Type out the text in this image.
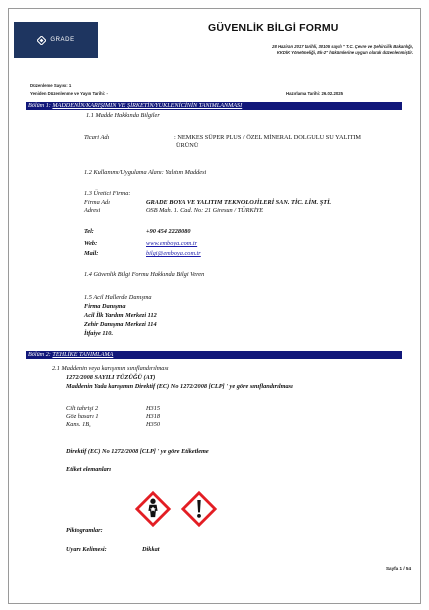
GRADE
GÜVENLİK BİLGİ FORMU
28 Haziran 2017 tarihli, 30105 sayılı " T.C. Çevre ve Şehircilik Bakanlığı,
KKDİK Yönetmeliği, Ek-2" hükümlerine uygun olarak düzenlenmiştir.
Düzenleme Sayısı: 1
Yeniden Düzenlenme ve Yayın Tarihi: -	Hazırlama Tarihi: 26.02.2025
Bölüm 1: MADDENİN/KARIŞIMIN VE ŞİRKETİN/YÜKLENİCİNİN TANIMLANMASI
1.1 Madde Hakkında Bilgiler
Ticari Adı	: NEMKES SÜPER PLUS / ÖZEL MİNERAL DOLGULU SU YALITIM
ÜRÜNÜ
1.2 Kullanımı/Uygulama Alanı: Yalıtım Maddesi
1.3 Üretici Firma:
Firma Adı	GRADE BOYA VE YALITIM TEKNOLOJİLERİ SAN. TİC. LİM. ŞTİ.
Adresi	OSB Mah. 1. Cad. No: 21 Giresun / TÜRKİYE
Tel:	+90 454 2228080
Web:	www.emboya.com.tr
Mail:	bilgi@emboya.com.tr
1.4 Güvenlik Bilgi Formu Hakkında Bilgi Veren
1.5 Acil Hallerde Danışma
Firma Danışma
Acil İlk Yardım Merkezi 112
Zehir Danışma Merkezi 114
İtfaiye 110.
Bölüm 2: TEHLİKE TANIMLAMA
2.1 Maddenin veya karışımın sınıflandırılması
1272/2008 SAYILI TÜZÜĞÜ (AT)
Maddenin Yada karışımın Direktif (EC) No 1272/2008 [CLP] ' ye göre sınıflandırılması
Cilt tahrişi 2	H315
Göz hasarı 1	H318
Kans. 1B,	H350
Direktif (EC) No 1272/2008 [CLP] ' ye göre Etiketleme
Etiket elemanları
Piktogramlar:
Uyarı Kelimesi:	Dikkat
Sayfa 1 / 54
